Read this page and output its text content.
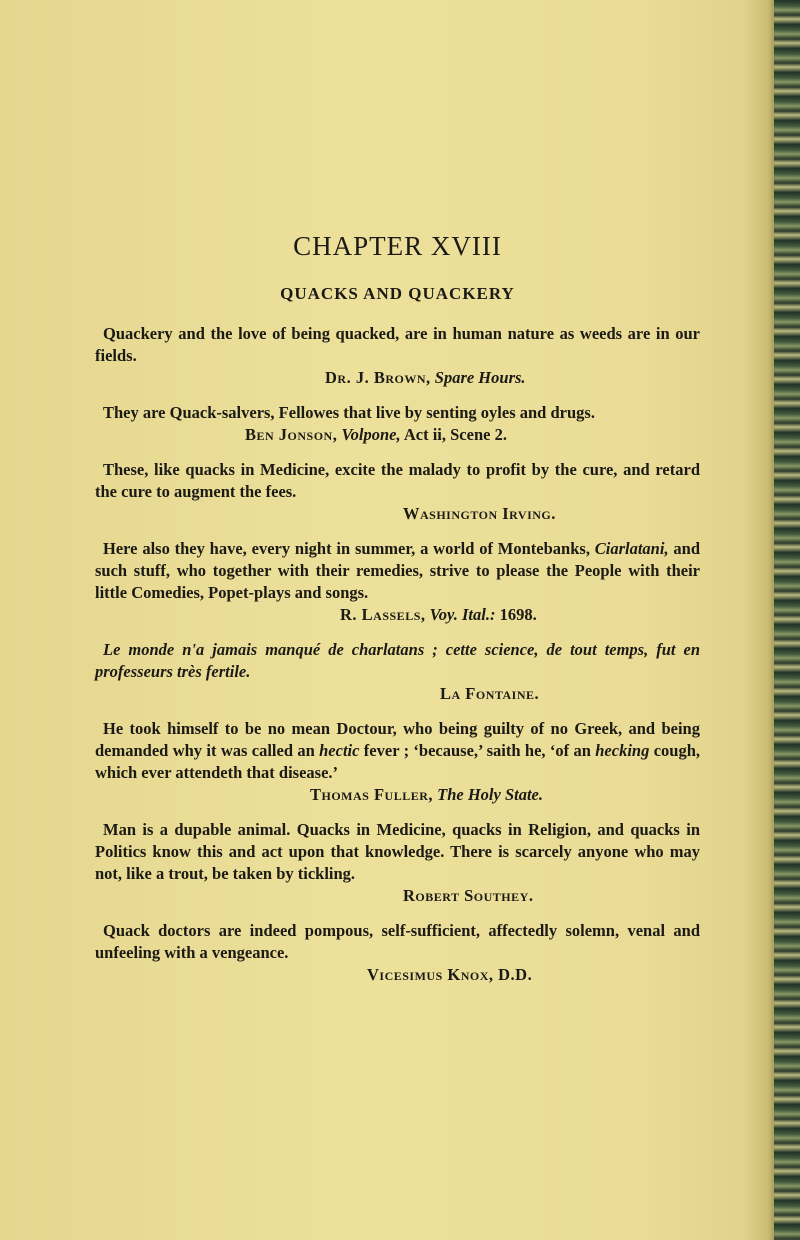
CHAPTER XVIII
QUACKS AND QUACKERY

Quackery and the love of being quacked, are in human nature as weeds are in our fields.

Dr. J. Brown, Spare Hours.

They are Quack-salvers, Fellowes that live by senting oyles and drugs.

Ben Jonson, Volpone, Act ii, Scene 2.

These, like quacks in Medicine, excite the malady to profit by the cure, and retard the cure to augment the fees.

Washington Irving.

Here also they have, every night in summer, a world of Montebanks, Ciarlatani, and such stuff, who together with their remedies, strive to please the People with their little Comedies, Popet-plays and songs.

R. Lassels, Voy. Ital.: 1698.

Le monde n'a jamais manqué de charlatans ; cette science, de tout temps, fut en professeurs très fertile.

La Fontaine.

He took himself to be no mean Doctour, who being guilty of no Greek, and being demanded why it was called an hectic fever ; ‘because,’ saith he, ‘of an hecking cough, which ever attendeth that disease.’

Thomas Fuller, The Holy State.

Man is a dupable animal. Quacks in Medicine, quacks in Religion, and quacks in Politics know this and act upon that knowledge. There is scarcely anyone who may not, like a trout, be taken by tickling.

Robert Southey.

Quack doctors are indeed pompous, self-sufficient, affectedly solemn, venal and unfeeling with a vengeance.

Vicesimus Knox, D.D.
